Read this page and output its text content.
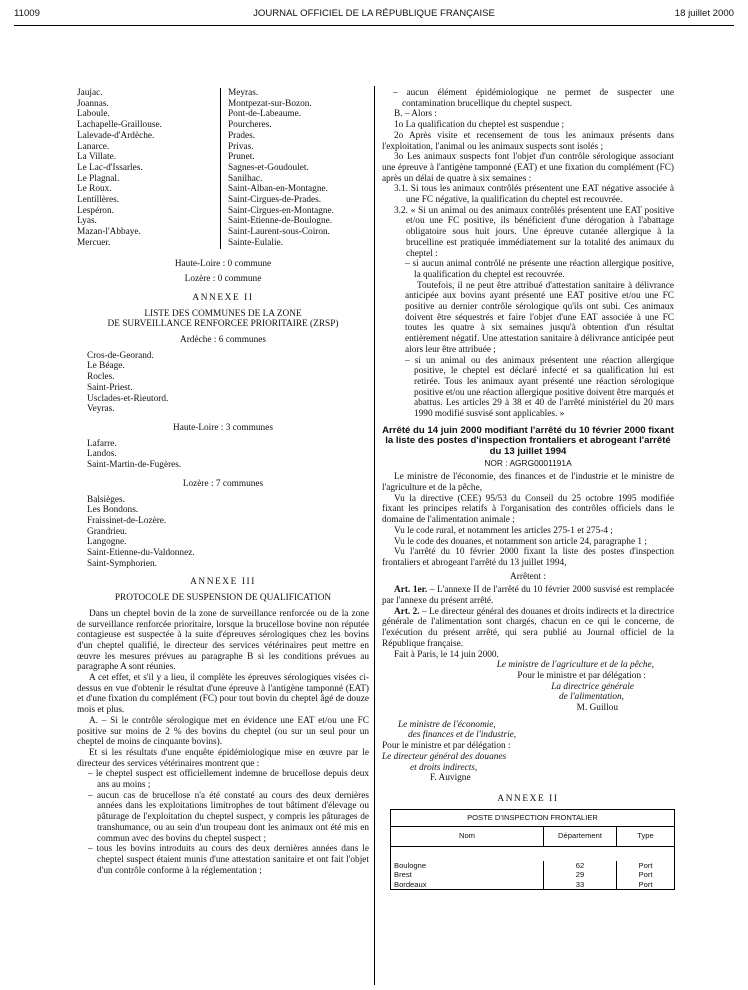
11009	JOURNAL OFFICIEL DE LA RÉPUBLIQUE FRANÇAISE	18 juillet 2000

Jaujac.

Joannas.

Laboule.

Lachapelle-Graillouse.

Lalevade-d'Ardèche.

Lanarce.

La Villate.

Le Lac-d'Issarles.

Le Plagnal.

Le Roux.

Lentillères.

Lespéron.

Lyas.

Mazan-l'Abbaye.

Mercuer.

Meyras.

Montpezat-sur-Bozon.

Pont-de-Labeaume.

Pourcheres.

Prades.

Privas.

Prunet.

Sagnes-et-Goudoulet.

Sanilhac.

Saint-Alban-en-Montagne.

Saint-Cirgues-de-Prades.

Saint-Cirgues-en-Montagne.

Saint-Etienne-de-Boulogne.

Saint-Laurent-sous-Coiron.

Sainte-Eulalie.

Haute-Loire : 0 commune

Lozère : 0 commune

ANNEXE II

LISTE DES COMMUNES DE LA ZONE

DE SURVEILLANCE RENFORCEE PRIORITAIRE (ZRSP)

Ardèche : 6 communes

Cros-de-Georand.

Le Béage.

Rocles.

Saint-Priest.

Usclades-et-Rieutord.

Veyras.

Haute-Loire : 3 communes

Lafarre.

Landos.

Saint-Martin-de-Fugères.

Lozère : 7 communes

Balsièges.

Les Bondons.

Fraissinet-de-Lozère.

Grandrieu.

Langogne.

Saint-Etienne-du-Valdonnez.

Saint-Symphorien.

ANNEXE III

PROTOCOLE DE SUSPENSION DE QUALIFICATION

Dans un cheptel bovin de la zone de surveillance renforcée ou de la zone de surveillance renforcée prioritaire, lorsque la brucellose bovine non réputée contagieuse est suspectée à la suite d'épreuves sérologiques chez les bovins d'un cheptel qualifié, le directeur des services vétérinaires peut mettre en œuvre les mesures prévues au paragraphe B si les conditions prévues au paragraphe A sont réunies.

A cet effet, et s'il y a lieu, il complète les épreuves sérologiques visées ci-dessus en vue d'obtenir le résultat d'une épreuve à l'antigène tamponné (EAT) et d'une fixation du complément (FC) pour tout bovin du cheptel âgé de douze mois et plus.

A. – Si le contrôle sérologique met en évidence une EAT et/ou une FC positive sur moins de 2 % des bovins du cheptel (ou sur un seul pour un cheptel de moins de cinquante bovins).

Et si les résultats d'une enquête épidémiologique mise en œuvre par le directeur des services vétérinaires montrent que :

– le cheptel suspect est officiellement indemne de brucellose depuis deux ans au moins ;

– aucun cas de brucellose n'a été constaté au cours des deux dernières années dans les exploitations limitrophes de tout bâtiment d'élevage ou pâturage de l'exploitation du cheptel suspect, y compris les pâturages de transhumance, ou au sein d'un troupeau dont les animaux ont été mis en commun avec des bovins du cheptel suspect ;

– tous les bovins introduits au cours des deux dernières années dans le cheptel suspect étaient munis d'une attestation sanitaire et ont fait l'objet d'un contrôle conforme à la réglementation ;

– aucun élément épidémiologique ne permet de suspecter une contamination brucellique du cheptel suspect.

B. – Alors :

1o La qualification du cheptel est suspendue ;

2o Après visite et recensement de tous les animaux présents dans l'exploitation, l'animal ou les animaux suspects sont isolés ;

3o Les animaux suspects font l'objet d'un contrôle sérologique associant une épreuve à l'antigène tamponné (EAT) et une fixation du complément (FC) après un délai de quatre à six semaines :

3.1. Si tous les animaux contrôlés présentent une EAT négative associée à une FC négative, la qualification du cheptel est recouvrée.

3.2. « Si un animal ou des animaux contrôlés présentent une EAT positive et/ou une FC positive, ils bénéficient d'une dérogation à l'abattage obligatoire sous huit jours. Une épreuve cutanée allergique à la brucelline est pratiquée immédiatement sur la totalité des animaux du cheptel :

– si aucun animal contrôlé ne présente une réaction allergique positive, la qualification du cheptel est recouvrée.

Toutefois, il ne peut être attribué d'attestation sanitaire à délivrance anticipée aux bovins ayant présenté une EAT positive et/ou une FC positive au dernier contrôle sérologique qu'ils ont subi. Ces animaux doivent être séquestrés et faire l'objet d'une EAT associée à une FC toutes les quatre à six semaines jusqu'à obtention d'un résultat entièrement négatif. Une attestation sanitaire à délivrance anticipée peut alors leur être attribuée ;

– si un animal ou des animaux présentent une réaction allergique positive, le cheptel est déclaré infecté et sa qualification lui est retirée. Tous les animaux ayant présenté une réaction sérologique positive et/ou une réaction allergique positive doivent être marqués et abattus. Les articles 29 à 38 et 40 de l'arrêté ministériel du 20 mars 1990 modifié susvisé sont applicables. »

Arrêté du 14 juin 2000 modifiant l'arrêté du 10 février 2000 fixant la liste des postes d'inspection frontaliers et abrogeant l'arrêté du 13 juillet 1994

NOR : AGRG0001191A

Le ministre de l'économie, des finances et de l'industrie et le ministre de l'agriculture et de la pêche,

Vu la directive (CEE) 95/53 du Conseil du 25 octobre 1995 modifiée fixant les principes relatifs à l'organisation des contrôles officiels dans le domaine de l'alimentation animale ;

Vu le code rural, et notamment les articles 275-1 et 275-4 ;

Vu le code des douanes, et notamment son article 24, paragraphe 1 ;

Vu l'arrêté du 10 février 2000 fixant la liste des postes d'inspection frontaliers et abrogeant l'arrêté du 13 juillet 1994,

Arrêtent :

Art. 1er. – L'annexe II de l'arrêté du 10 février 2000 susvisé est remplacée par l'annexe du présent arrêté.

Art. 2. – Le directeur général des douanes et droits indirects et la directrice générale de l'alimentation sont chargés, chacun en ce qui le concerne, de l'exécution du présent arrêté, qui sera publié au Journal officiel de la République française.

Fait à Paris, le 14 juin 2000.

Le ministre de l'agriculture et de la pêche,

Pour le ministre et par délégation :

La directrice générale

de l'alimentation,

M. Guillou

Le ministre de l'économie,

des finances et de l'industrie,

Pour le ministre et par délégation :

Le directeur général des douanes

et droits indirects,

F. Auvigne

ANNEXE II

POSTE D'INSPECTION FRONTALIER
Nom	Département	Type
Boulogne	62	Port
Brest	29	Port
Bordeaux	33	Port
